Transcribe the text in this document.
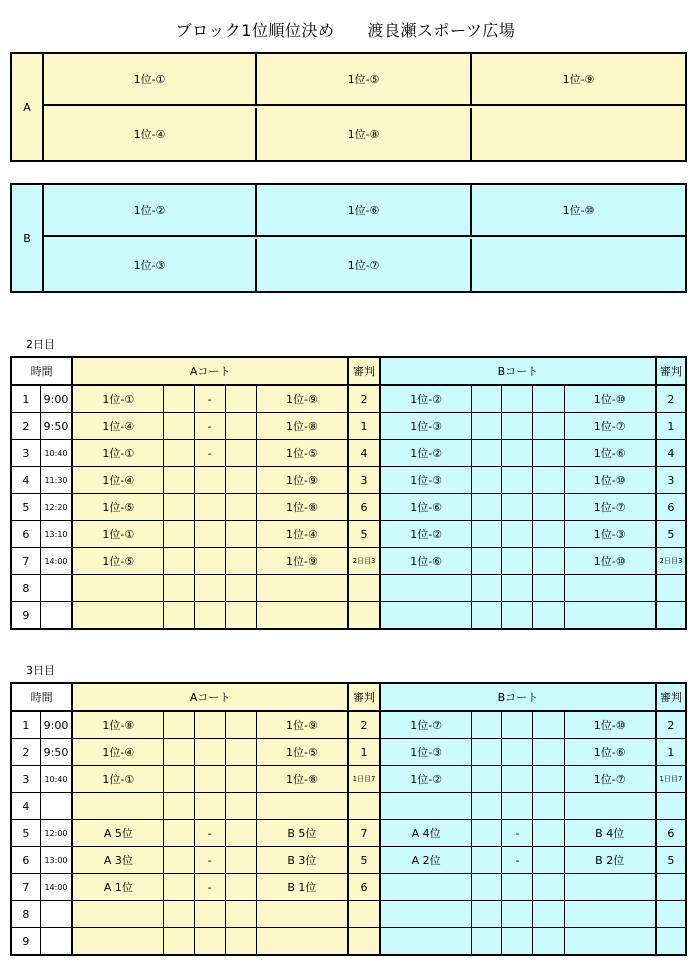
ブロック1位順位決め　　渡良瀬スポーツ広場
A
1位-①	1位-⑤	1位-⑨
1位-④	1位-⑧
B
1位-②	1位-⑥	1位-⑩
1位-③	1位-⑦
2日目
時間		Aコート					審判	Bコート					審判
1	9:00	1位-①		-		1位-⑨	2	1位-②				1位-⑩	2
2	9:50	1位-④		-		1位-⑧	1	1位-③				1位-⑦	1
3	10:40	1位-①		-		1位-⑤	4	1位-②				1位-⑥	4
4	11:30	1位-④				1位-⑨	3	1位-③				1位-⑩	3
5	12:20	1位-⑤				1位-⑧	6	1位-⑥				1位-⑦	6
6	13:10	1位-①				1位-④	5	1位-②				1位-③	5
7	14:00	1位-⑤				1位-⑨	2日目3	1位-⑥				1位-⑩	2日目3
8													
9													
3日目
時間		Aコート					審判	Bコート					審判
1	9:00	1位-⑧				1位-⑨	2	1位-⑦				1位-⑩	2
2	9:50	1位-④				1位-⑤	1	1位-③				1位-⑥	1
3	10:40	1位-①				1位-⑧	1日目7	1位-②				1位-⑦	1日目7
4													
5	12:00	A 5位		-		B 5位	7	A 4位		-		B 4位	6
6	13:00	A 3位		-		B 3位	5	A 2位		-		B 2位	5
7	14:00	A 1位		-		B 1位	6						
8													
9													
